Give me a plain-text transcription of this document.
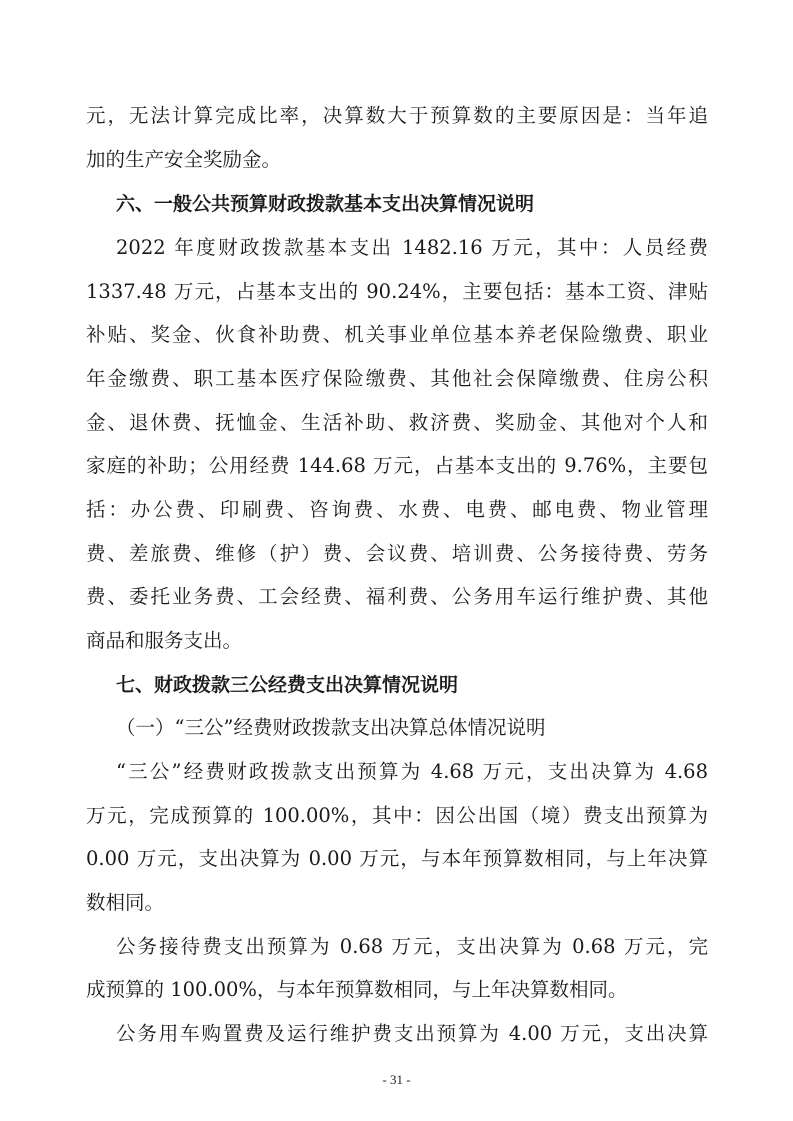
元，无法计算完成比率，决算数大于预算数的主要原因是：当年追
加的生产安全奖励金。
六、一般公共预算财政拨款基本支出决算情况说明
2022 年度财政拨款基本支出 1482.16 万元，其中：人员经费
1337.48 万元，占基本支出的 90.24%，主要包括：基本工资、津贴
补贴、奖金、伙食补助费、机关事业单位基本养老保险缴费、职业
年金缴费、职工基本医疗保险缴费、其他社会保障缴费、住房公积
金、退休费、抚恤金、生活补助、救济费、奖励金、其他对个人和
家庭的补助；公用经费 144.68 万元，占基本支出的 9.76%，主要包
括：办公费、印刷费、咨询费、水费、电费、邮电费、物业管理
费、差旅费、维修（护）费、会议费、培训费、公务接待费、劳务
费、委托业务费、工会经费、福利费、公务用车运行维护费、其他
商品和服务支出。
七、财政拨款三公经费支出决算情况说明
（一）“三公”经费财政拨款支出决算总体情况说明
“三公”经费财政拨款支出预算为 4.68 万元，支出决算为 4.68
万元，完成预算的 100.00%，其中：因公出国（境）费支出预算为
0.00 万元，支出决算为 0.00 万元，与本年预算数相同，与上年决算
数相同。
公务接待费支出预算为 0.68 万元，支出决算为 0.68 万元，完
成预算的 100.00%，与本年预算数相同，与上年决算数相同。
公务用车购置费及运行维护费支出预算为 4.00 万元，支出决算
- 31 -
